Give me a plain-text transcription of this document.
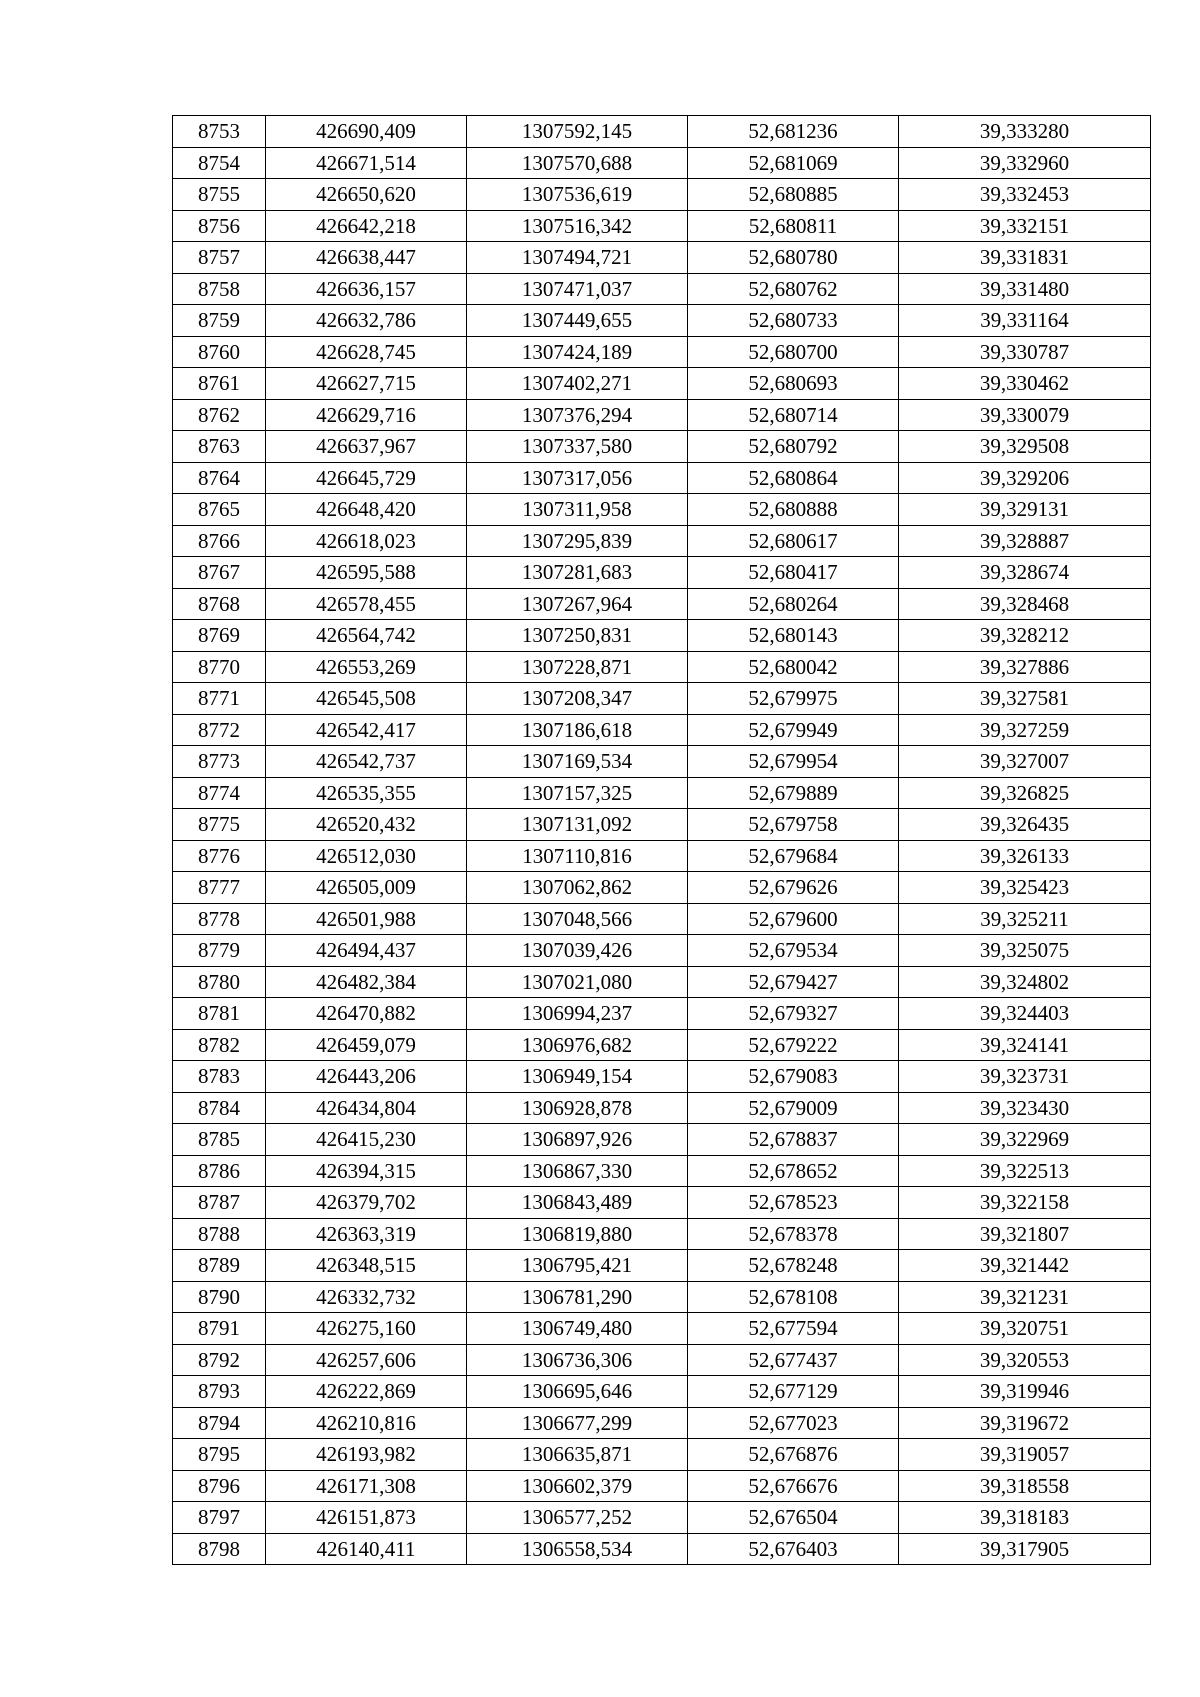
8753	426690,409	1307592,145	52,681236	39,333280
8754	426671,514	1307570,688	52,681069	39,332960
8755	426650,620	1307536,619	52,680885	39,332453
8756	426642,218	1307516,342	52,680811	39,332151
8757	426638,447	1307494,721	52,680780	39,331831
8758	426636,157	1307471,037	52,680762	39,331480
8759	426632,786	1307449,655	52,680733	39,331164
8760	426628,745	1307424,189	52,680700	39,330787
8761	426627,715	1307402,271	52,680693	39,330462
8762	426629,716	1307376,294	52,680714	39,330079
8763	426637,967	1307337,580	52,680792	39,329508
8764	426645,729	1307317,056	52,680864	39,329206
8765	426648,420	1307311,958	52,680888	39,329131
8766	426618,023	1307295,839	52,680617	39,328887
8767	426595,588	1307281,683	52,680417	39,328674
8768	426578,455	1307267,964	52,680264	39,328468
8769	426564,742	1307250,831	52,680143	39,328212
8770	426553,269	1307228,871	52,680042	39,327886
8771	426545,508	1307208,347	52,679975	39,327581
8772	426542,417	1307186,618	52,679949	39,327259
8773	426542,737	1307169,534	52,679954	39,327007
8774	426535,355	1307157,325	52,679889	39,326825
8775	426520,432	1307131,092	52,679758	39,326435
8776	426512,030	1307110,816	52,679684	39,326133
8777	426505,009	1307062,862	52,679626	39,325423
8778	426501,988	1307048,566	52,679600	39,325211
8779	426494,437	1307039,426	52,679534	39,325075
8780	426482,384	1307021,080	52,679427	39,324802
8781	426470,882	1306994,237	52,679327	39,324403
8782	426459,079	1306976,682	52,679222	39,324141
8783	426443,206	1306949,154	52,679083	39,323731
8784	426434,804	1306928,878	52,679009	39,323430
8785	426415,230	1306897,926	52,678837	39,322969
8786	426394,315	1306867,330	52,678652	39,322513
8787	426379,702	1306843,489	52,678523	39,322158
8788	426363,319	1306819,880	52,678378	39,321807
8789	426348,515	1306795,421	52,678248	39,321442
8790	426332,732	1306781,290	52,678108	39,321231
8791	426275,160	1306749,480	52,677594	39,320751
8792	426257,606	1306736,306	52,677437	39,320553
8793	426222,869	1306695,646	52,677129	39,319946
8794	426210,816	1306677,299	52,677023	39,319672
8795	426193,982	1306635,871	52,676876	39,319057
8796	426171,308	1306602,379	52,676676	39,318558
8797	426151,873	1306577,252	52,676504	39,318183
8798	426140,411	1306558,534	52,676403	39,317905
